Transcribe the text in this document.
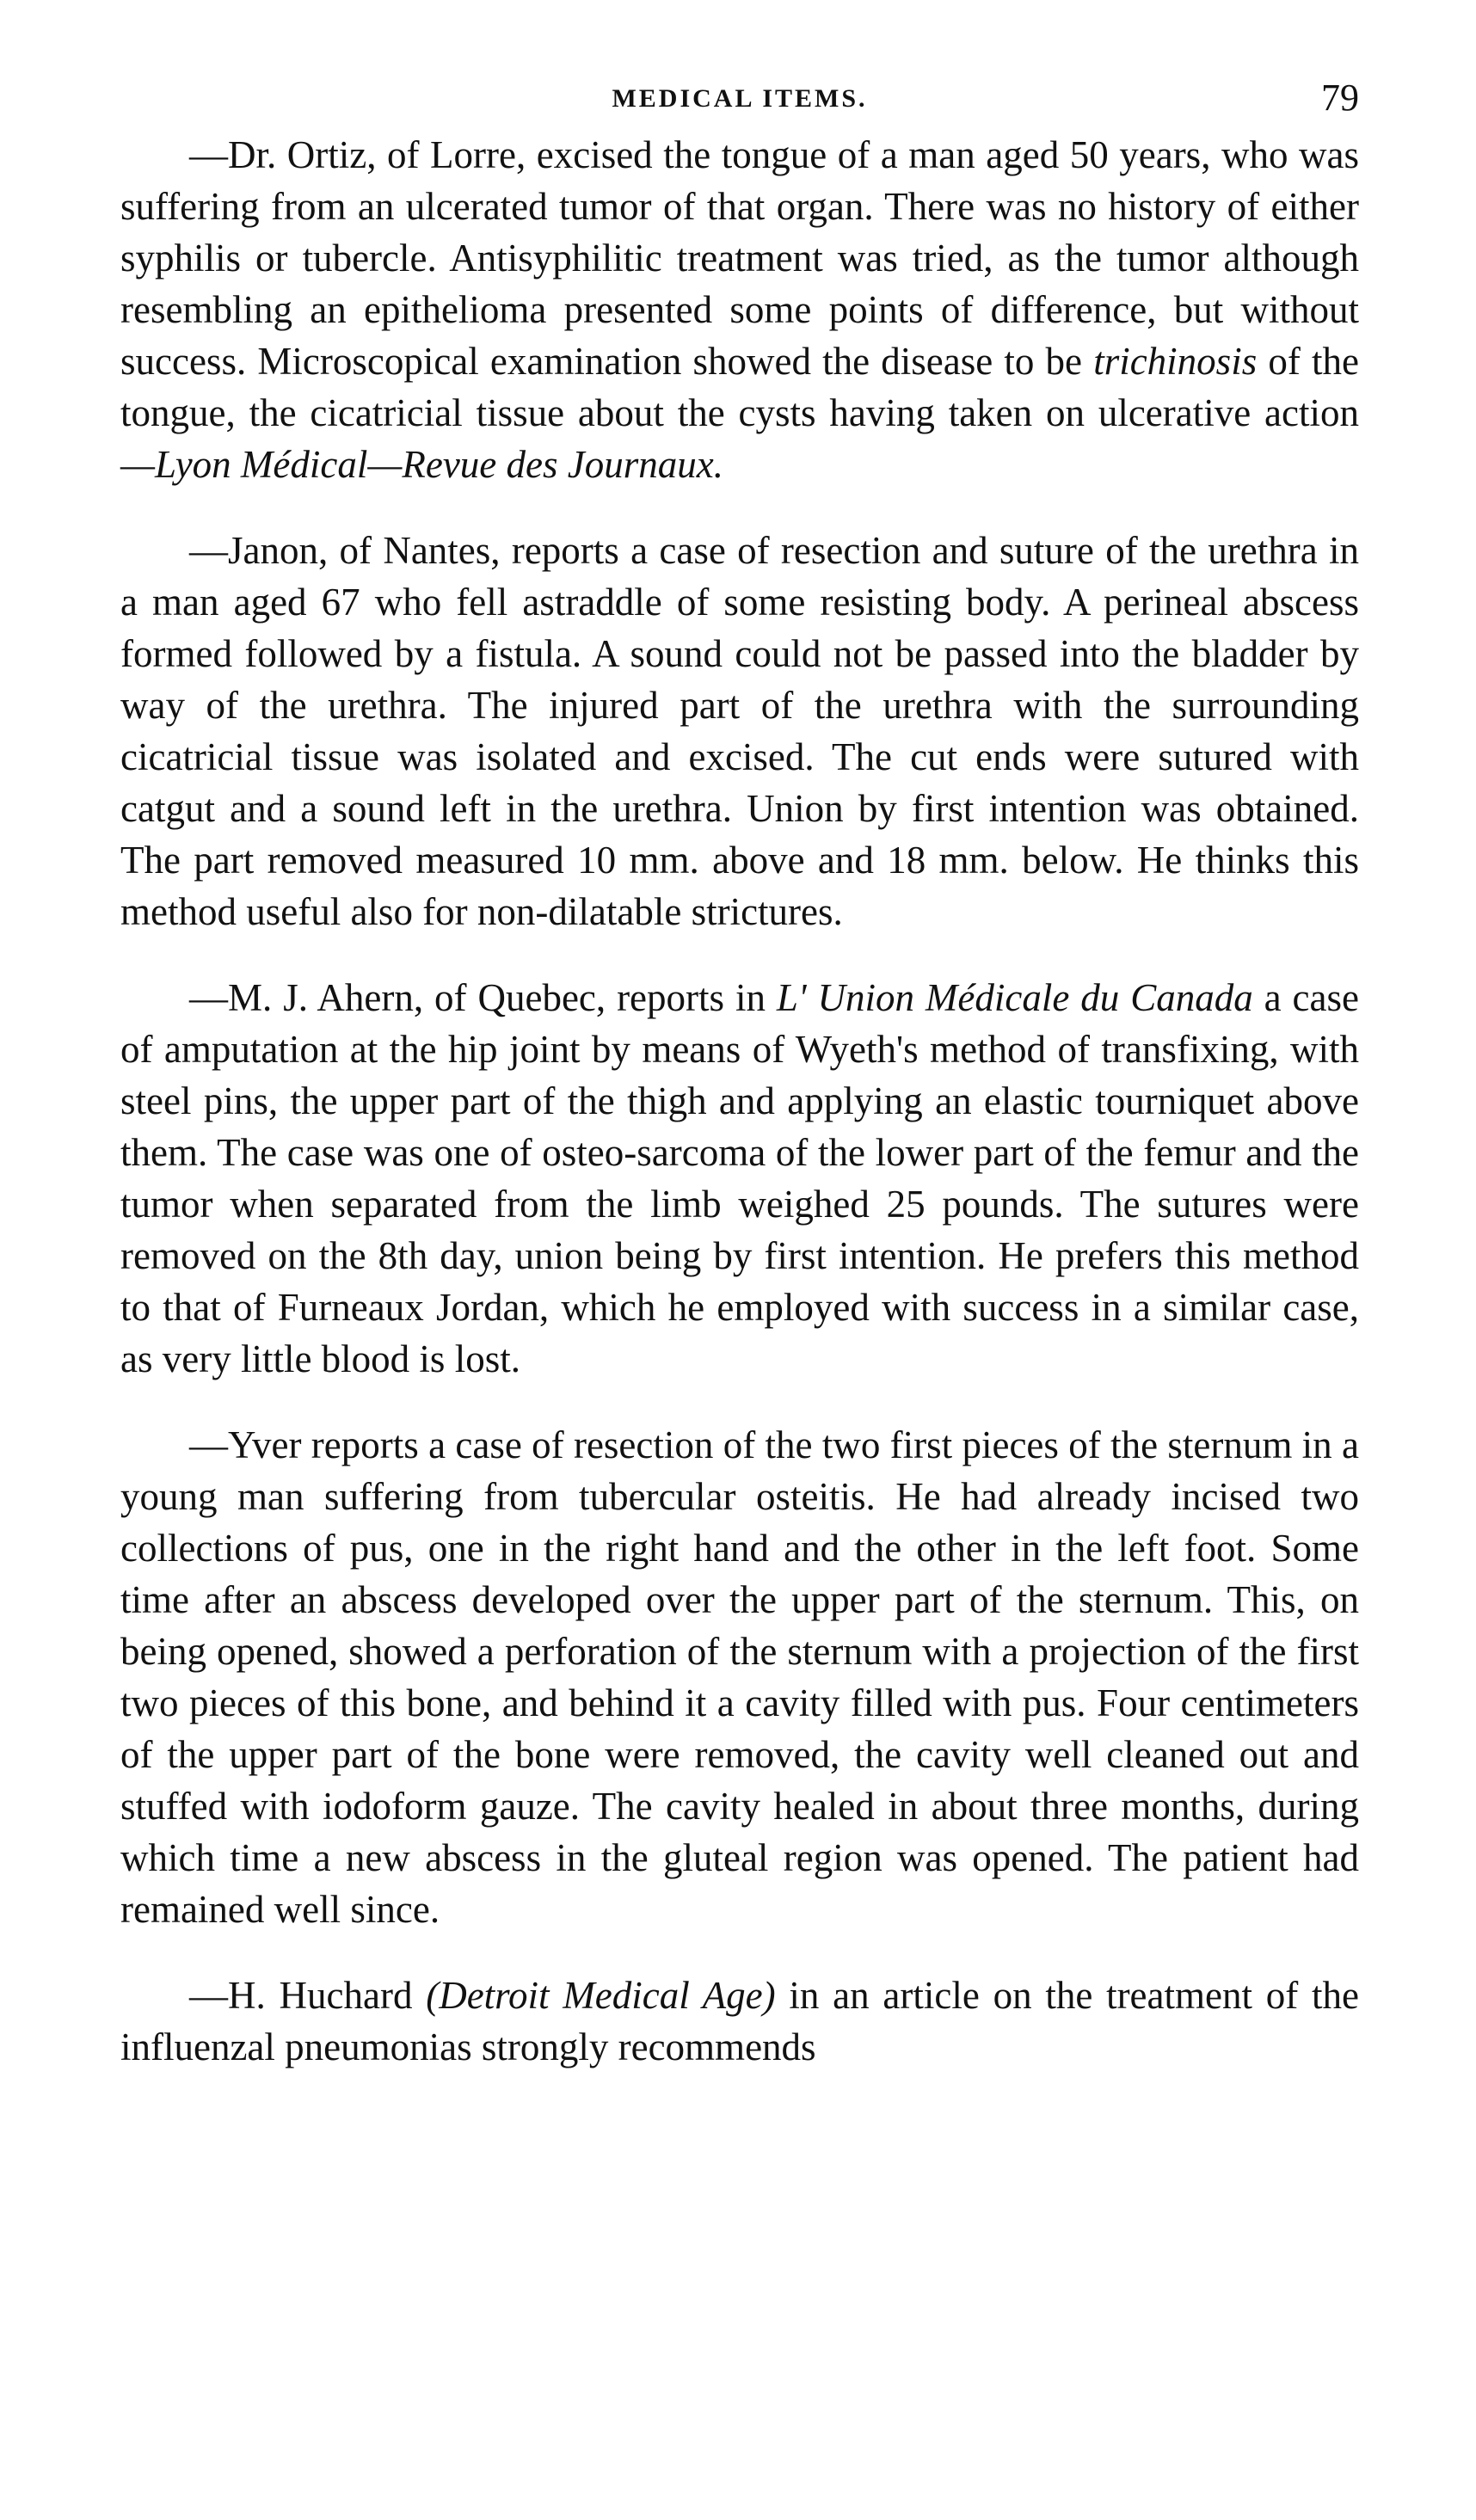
MEDICAL ITEMS.	79

—Dr. Ortiz, of Lorre, excised the tongue of a man aged 50 years, who was suffering from an ulcerated tumor of that organ. There was no history of either syphilis or tubercle. Antisyphilitic treatment was tried, as the tumor although resembling an epithelioma presented some points of difference, but without success. Microscopical examination showed the disease to be trichinosis of the tongue, the cicatricial tissue about the cysts having taken on ulcerative action —Lyon Médical—Revue des Journaux.

—Janon, of Nantes, reports a case of resection and suture of the urethra in a man aged 67 who fell astraddle of some resisting body. A perineal abscess formed followed by a fistula. A sound could not be passed into the bladder by way of the urethra. The injured part of the urethra with the surrounding cicatricial tissue was isolated and excised. The cut ends were sutured with catgut and a sound left in the urethra. Union by first intention was obtained. The part removed measured 10 mm. above and 18 mm. below. He thinks this method useful also for non-dilatable strictures.

—M. J. Ahern, of Quebec, reports in L' Union Médicale du Canada a case of amputation at the hip joint by means of Wyeth's method of transfixing, with steel pins, the upper part of the thigh and applying an elastic tourniquet above them. The case was one of osteo-sarcoma of the lower part of the femur and the tumor when separated from the limb weighed 25 pounds. The sutures were removed on the 8th day, union being by first intention. He prefers this method to that of Furneaux Jordan, which he employed with success in a similar case, as very little blood is lost.

—Yver reports a case of resection of the two first pieces of the sternum in a young man suffering from tubercular osteitis. He had already incised two collections of pus, one in the right hand and the other in the left foot. Some time after an abscess developed over the upper part of the sternum. This, on being opened, showed a perforation of the sternum with a projection of the first two pieces of this bone, and behind it a cavity filled with pus. Four centimeters of the upper part of the bone were removed, the cavity well cleaned out and stuffed with iodoform gauze. The cavity healed in about three months, during which time a new abscess in the gluteal region was opened. The patient had remained well since.

—H. Huchard (Detroit Medical Age) in an article on the treatment of the influenzal pneumonias strongly recommends
